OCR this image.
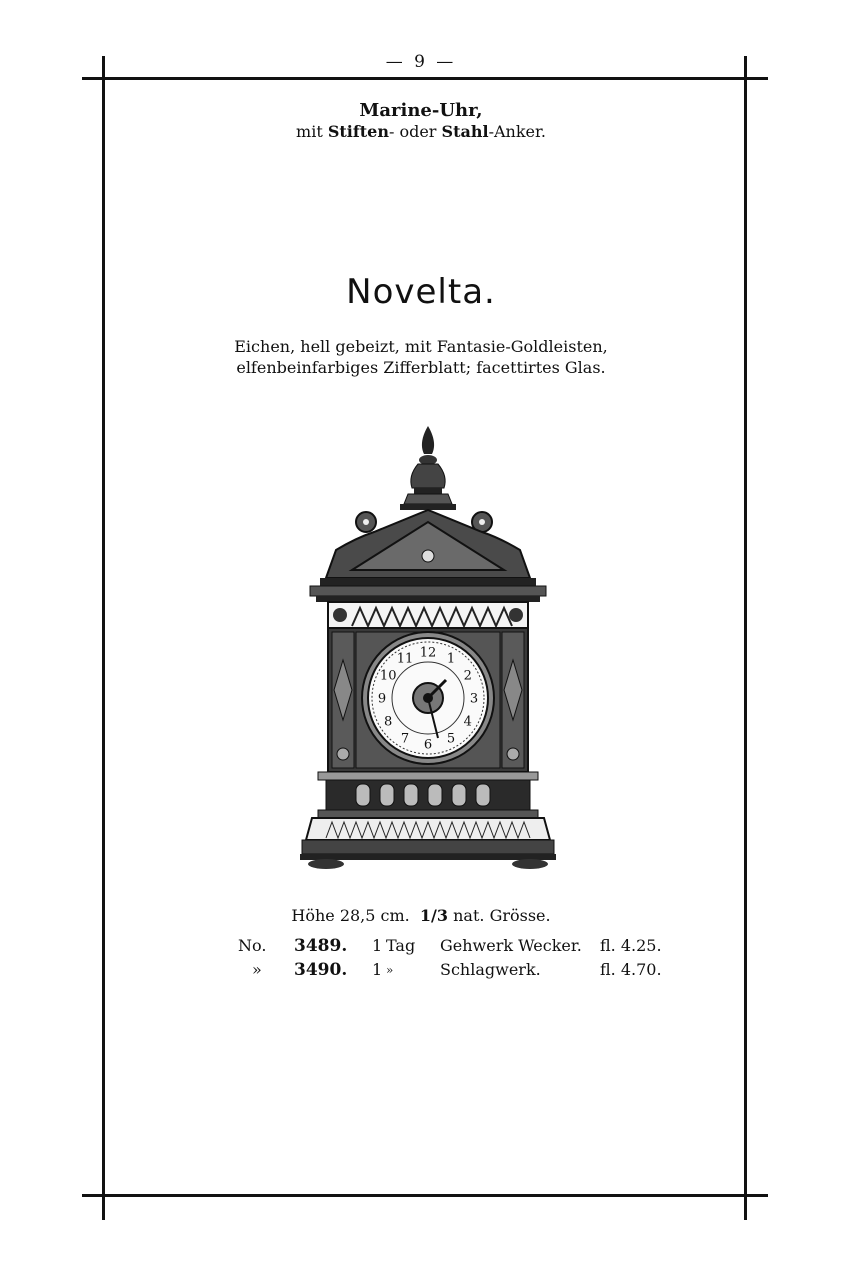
— 9 —
Marine-Uhr,
mit Stiften- oder Stahl-Anker.
Novelta.
Eichen, hell gebeizt, mit Fantasie-Goldleisten,
elfenbeinfarbiges Zifferblatt; facettirtes Glas.
12 1
2
3
4
5
6
7
8
9
10
11
Höhe 28,5 cm. 1/3 nat. Grösse.
No.	3489.	1	Tag	Gehwerk Wecker.	fl. 4.25.
»	3490.	1	»	Schlagwerk.	fl. 4.70.
